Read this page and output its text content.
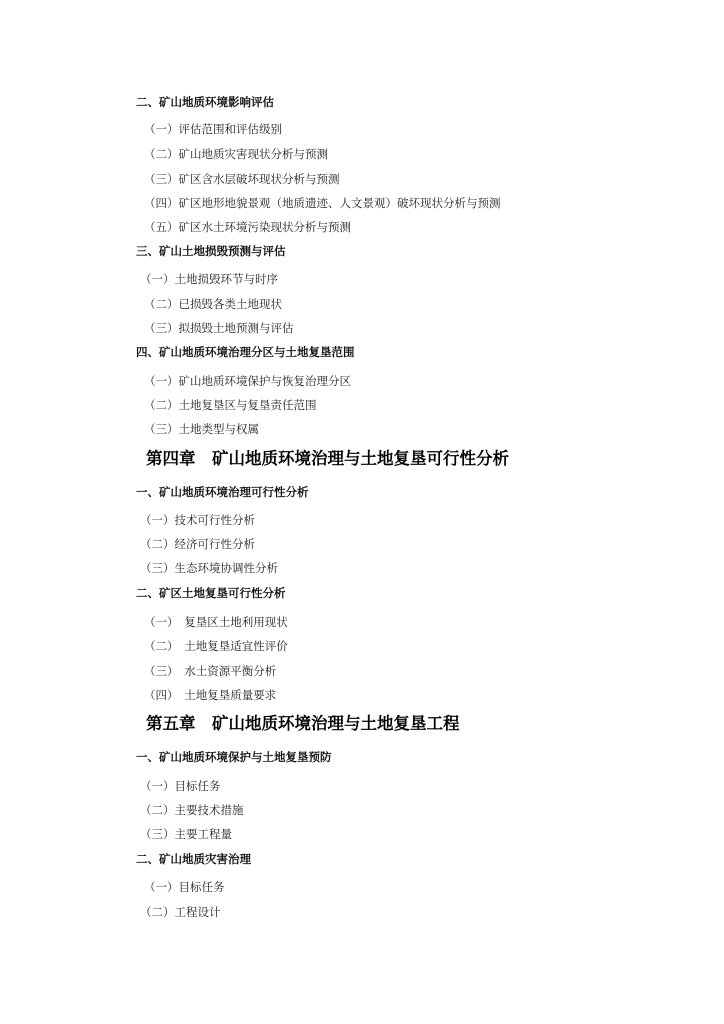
二、矿山地质环境影响评估
（一）评估范围和评估级别
（二）矿山地质灾害现状分析与预测
（三）矿区含水层破坏现状分析与预测
（四）矿区地形地貌景观（地质遗迹、人文景观）破坏现状分析与预测
（五）矿区水土环境污染现状分析与预测
三、矿山土地损毁预测与评估
（一）土地损毁环节与时序
（二）已损毁各类土地现状
（三）拟损毁土地预测与评估
四、矿山地质环境治理分区与土地复垦范围
（一）矿山地质环境保护与恢复治理分区
（二）土地复垦区与复垦责任范围
（三）土地类型与权属
第四章　矿山地质环境治理与土地复垦可行性分析
一、矿山地质环境治理可行性分析
（一）技术可行性分析
（二）经济可行性分析
（三）生态环境协调性分析
二、矿区土地复垦可行性分析
（一）　复垦区土地利用现状
（二）　土地复垦适宜性评价
（三）　水土资源平衡分析
（四）　土地复垦质量要求
第五章　矿山地质环境治理与土地复垦工程
一、矿山地质环境保护与土地复垦预防
（一）目标任务
（二）主要技术措施
（三）主要工程量
二、矿山地质灾害治理
（一）目标任务
（二）工程设计
